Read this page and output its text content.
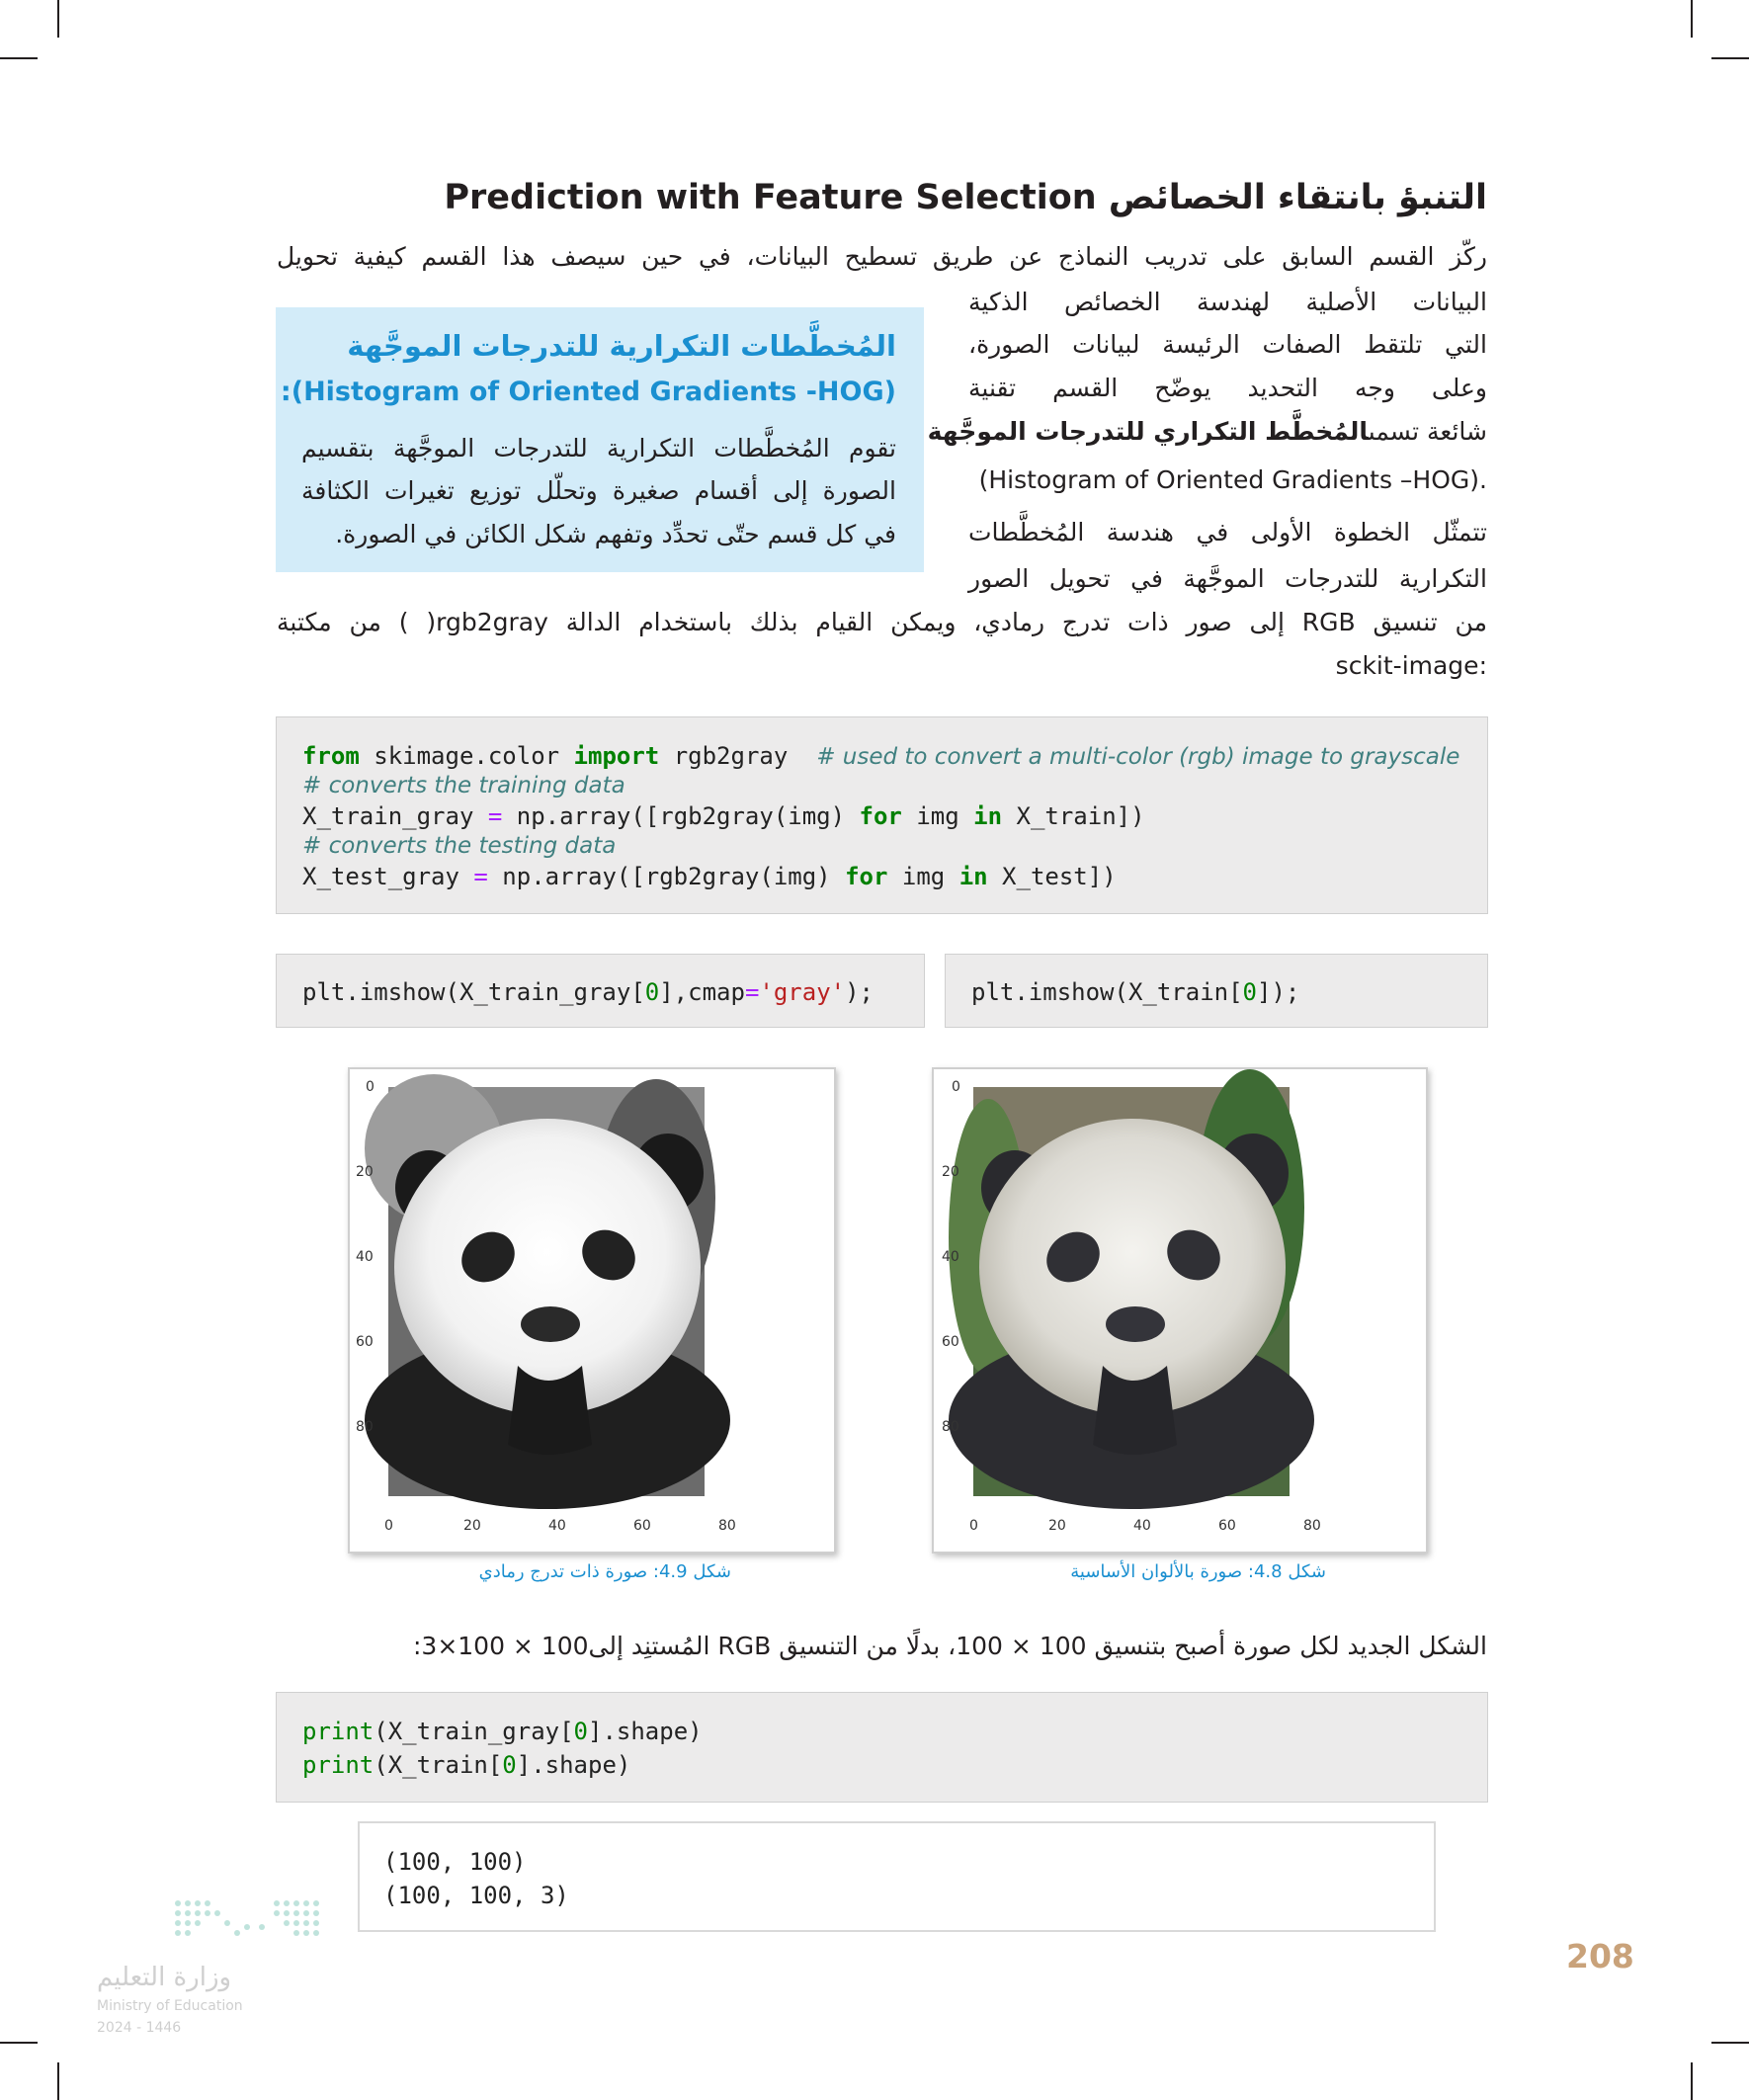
التنبؤ بانتقاء الخصائص Prediction with Feature Selection
ركّز القسم السابق على تدريب النماذج عن طريق تسطيح البيانات، في حين سيصف هذا القسم كيفية تحويل
البيانات الأصلية لهندسة الخصائص الذكية
التي تلتقط الصفات الرئيسة لبيانات الصورة،
وعلى وجه التحديد يوضّح القسم تقنية
شائعة تسمىالمُخطَّط التكراري للتدرجات الموجَّهة
.(Histogram of Oriented Gradients –HOG)
تتمثّل الخطوة الأولى في هندسة المُخطَّطات
التكرارية للتدرجات الموجَّهة في تحويل الصور
من تنسيق RGB إلى صور ذات تدرج رمادي، ويمكن القيام بذلك باستخدام الدالة rgb2gray( ) من مكتبة
:sckit-image
المُخطَّطات التكرارية للتدرجات الموجَّهة
(Histogram of Oriented Gradients -HOG):
تقوم المُخطَّطات التكرارية للتدرجات الموجَّهة بتقسيم
الصورة إلى أقسام صغيرة وتحلّل توزيع تغيرات الكثافة
في كل قسم حتّى تحدِّد وتفهم شكل الكائن في الصورة.
from skimage.color import rgb2gray  # used to convert a multi-color (rgb) image to grayscale
# converts the training data
X_train_gray = np.array([rgb2gray(img) for img in X_train])
# converts the testing data
X_test_gray = np.array([rgb2gray(img) for img in X_test])
plt.imshow(X_train_gray[0],cmap='gray');	plt.imshow(X_train[0]);
0
20
40
60
80
0	20	40	60	80
0
20
40
60
80
0	20	40	60	80
شكل 4.9: صورة ذات تدرج رمادي	شكل 4.8: صورة بالألوان الأساسية
الشكل الجديد لكل صورة أصبح بتنسيق 100 × 100، بدلًا من التنسيق RGB المُستنِد إلى100 × 100×3:
print(X_train_gray[0].shape)
print(X_train[0].shape)
(100, 100)
(100, 100, 3)
وزارة التعليم
Ministry of Education
2024 - 1446
208
